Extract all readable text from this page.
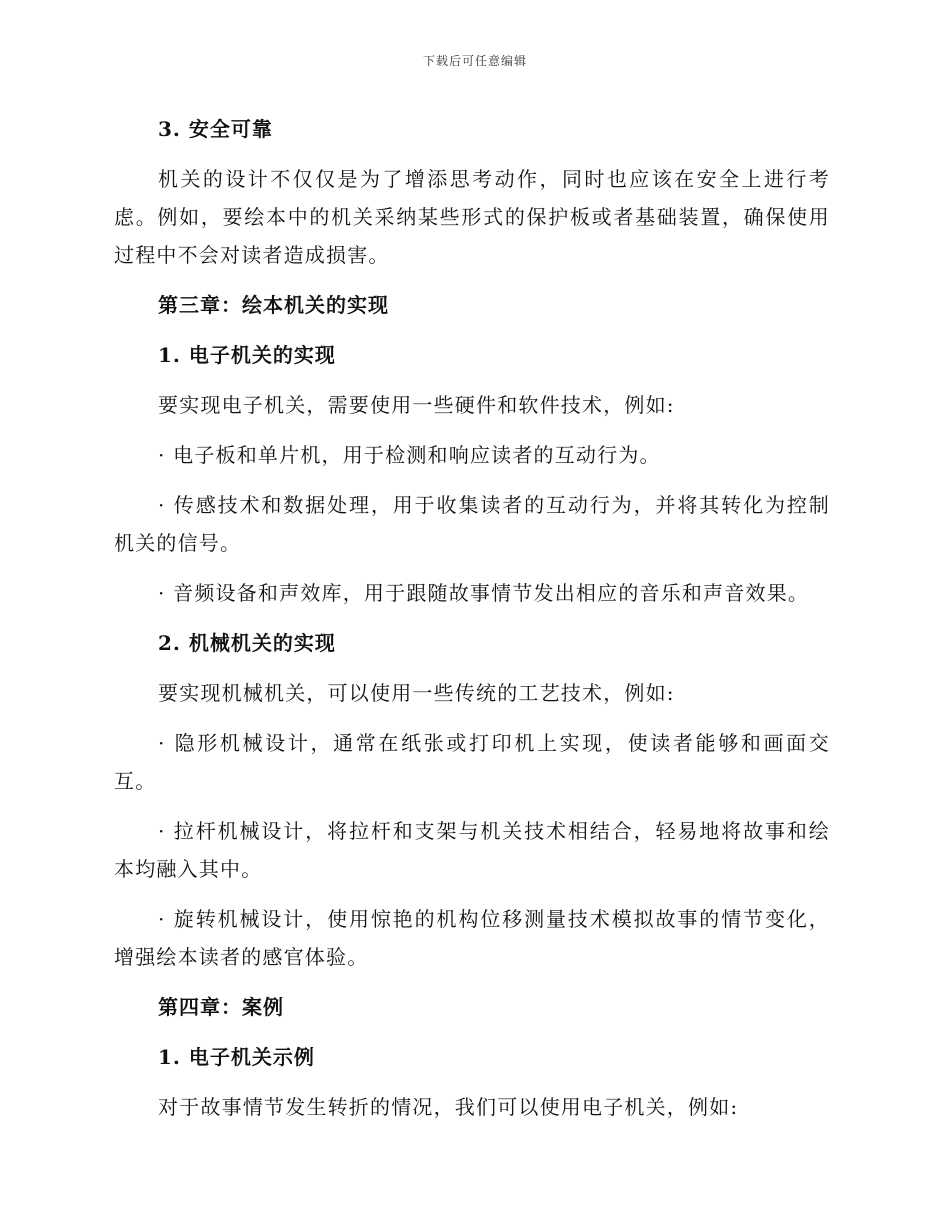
下载后可任意编辑
3. 安全可靠
机关的设计不仅仅是为了增添思考动作，同时也应该在安全上进行考虑。例如，要绘本中的机关采纳某些形式的保护板或者基础装置，确保使用过程中不会对读者造成损害。
第三章：绘本机关的实现
1. 电子机关的实现
要实现电子机关，需要使用一些硬件和软件技术，例如:
· 电子板和单片机，用于检测和响应读者的互动行为。
· 传感技术和数据处理，用于收集读者的互动行为，并将其转化为控制机关的信号。
· 音频设备和声效库，用于跟随故事情节发出相应的音乐和声音效果。
2. 机械机关的实现
要实现机械机关，可以使用一些传统的工艺技术，例如:
· 隐形机械设计，通常在纸张或打印机上实现，使读者能够和画面交互。
· 拉杆机械设计，将拉杆和支架与机关技术相结合，轻易地将故事和绘本均融入其中。
· 旋转机械设计，使用惊艳的机构位移测量技术模拟故事的情节变化，增强绘本读者的感官体验。
第四章：案例
1. 电子机关示例
对于故事情节发生转折的情况，我们可以使用电子机关，例如:
